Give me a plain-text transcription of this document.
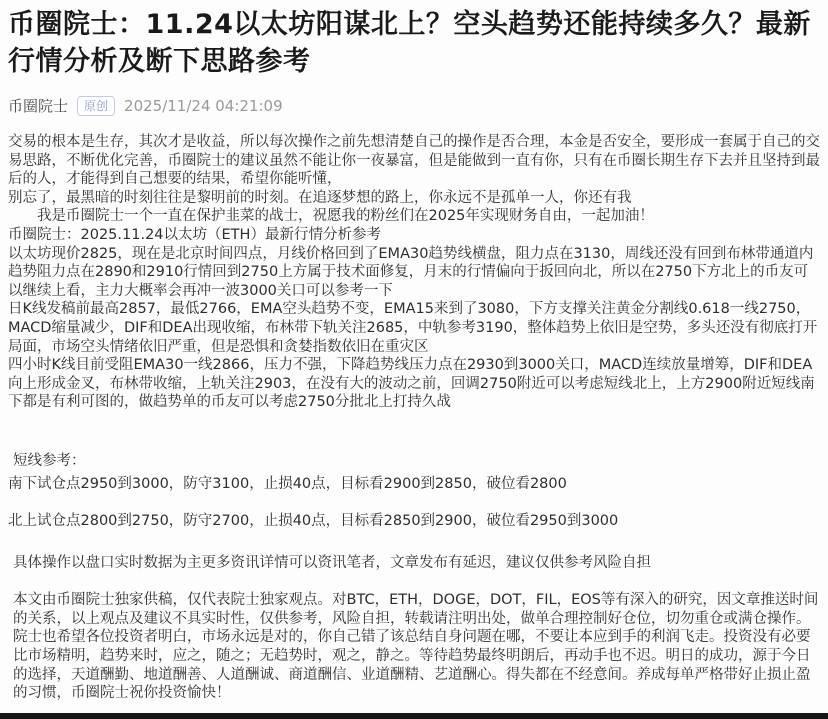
币圈院士：11.24以太坊阳谋北上？空头趋势还能持续多久？最新行情分析及断下思路参考
币圈院士	原创	2025/11/24 04:21:09

交易的根本是生存，其次才是收益，所以每次操作之前先想清楚自己的操作是否合理，本金是否安全，要形成一套属于自己的交易思路，不断优化完善，币圈院士的建议虽然不能让你一夜暴富，但是能做到一直有你，只有在币圈长期生存下去并且坚持到最后的人，才能得到自己想要的结果，希望你能听懂，

别忘了，最黑暗的时刻往往是黎明前的时刻。在追逐梦想的路上，你永远不是孤单一人，你还有我

　　我是币圈院士一个一直在保护韭菜的战士，祝愿我的粉丝们在2025年实现财务自由，一起加油！

币圈院士：2025.11.24以太坊（ETH）最新行情分析参考

以太坊现价2825，现在是北京时间四点，月线价格回到了EMA30趋势线横盘，阻力点在3130，周线还没有回到布林带通道内趋势阻力点在2890和2910行情回到2750上方属于技术面修复，月末的行情偏向于扳回向北，所以在2750下方北上的币友可以继续上看，主力大概率会再冲一波3000关口可以参考一下

日K线发稿前最高2857，最低2766，EMA空头趋势不变，EMA15来到了3080，下方支撑关注黄金分割线0.618一线2750，MACD缩量减少，DIF和DEA出现收缩，布林带下轨关注2685，中轨参考3190，整体趋势上依旧是空势，多头还没有彻底打开局面，市场空头情绪依旧严重，但是恐惧和贪婪指数依旧在重灾区

四小时K线目前受阻EMA30一线2866，压力不强，下降趋势线压力点在2930到3000关口，MACD连续放量增筹，DIF和DEA向上形成金叉，布林带收缩，上轨关注2903，在没有大的波动之前，回调2750附近可以考虑短线北上，上方2900附近短线南下都是有利可图的，做趋势单的币友可以考虑2750分批北上打持久战

短线参考：

南下试仓点2950到3000，防守3100，止损40点，目标看2900到2850，破位看2800

北上试仓点2800到2750，防守2700，止损40点，目标看2850到2900，破位看2950到3000

具体操作以盘口实时数据为主更多资讯详情可以资讯笔者，文章发布有延迟，建议仅供参考风险自担

本文由币圈院士独家供稿，仅代表院士独家观点。对BTC，ETH，DOGE，DOT，FIL，EOS等有深入的研究，因文章推送时间的关系，以上观点及建议不具实时性，仅供参考，风险自担，转载请注明出处，做单合理控制好仓位，切勿重仓或满仓操作。院士也希望各位投资者明白，市场永远是对的，你自己错了该总结自身问题在哪，不要让本应到手的利润飞走。投资没有必要比市场精明，趋势来时，应之，随之；无趋势时，观之，静之。等待趋势最终明朗后，再动手也不迟。明日的成功，源于今日的选择，天道酬勤、地道酬善、人道酬诚、商道酬信、业道酬精、艺道酬心。得失都在不经意间。养成每单严格带好止损止盈的习惯，币圈院士祝你投资愉快！
